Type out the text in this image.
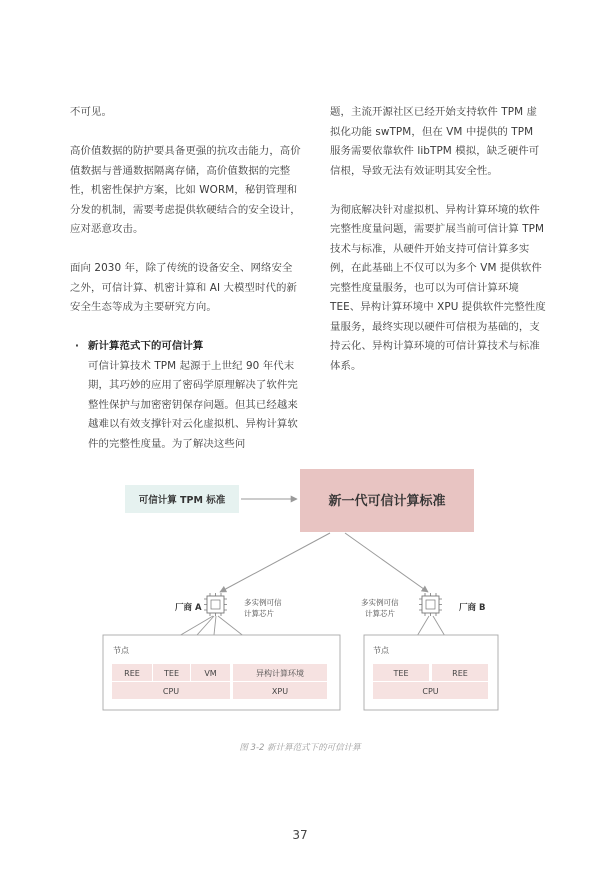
不可见。

高价值数据的防护要具备更强的抗攻击能力，高价值数据与普通数据隔离存储，高价值数据的完整性，机密性保护方案，比如 WORM，秘钥管理和分发的机制，需要考虑提供软硬结合的安全设计，应对恶意攻击。

面向 2030 年，除了传统的设备安全、网络安全之外，可信计算、机密计算和 AI 大模型时代的新安全生态等成为主要研究方向。

· 新计算范式下的可信计算

可信计算技术 TPM 起源于上世纪 90 年代末期，其巧妙的应用了密码学原理解决了软件完整性保护与加密密钥保存问题。但其已经越来越难以有效支撑针对云化虚拟机、异构计算软件的完整性度量。为了解决这些问

题，主流开源社区已经开始支持软件 TPM 虚拟化功能 swTPM，但在 VM 中提供的 TPM 服务需要依靠软件 libTPM 模拟，缺乏硬件可信根，导致无法有效证明其安全性。

为彻底解决针对虚拟机、异构计算环境的软件完整性度量问题，需要扩展当前可信计算 TPM 技术与标准，从硬件开始支持可信计算多实例，在此基础上不仅可以为多个 VM 提供软件完整性度量服务，也可以为可信计算环境 TEE、异构计算环境中 XPU 提供软件完整性度量服务，最终实现以硬件可信根为基础的，支持云化、异构计算环境的可信计算技术与标准体系。

可信计算 TPM 标准	新一代可信计算标准
厂商 A
多实例可信
计算芯片
多实例可信
计算芯片
厂商 B
节点
REE	TEE	VM	异构计算环境
CPU	XPU
节点
TEE	REE
CPU
图 3-2 新计算范式下的可信计算
37
